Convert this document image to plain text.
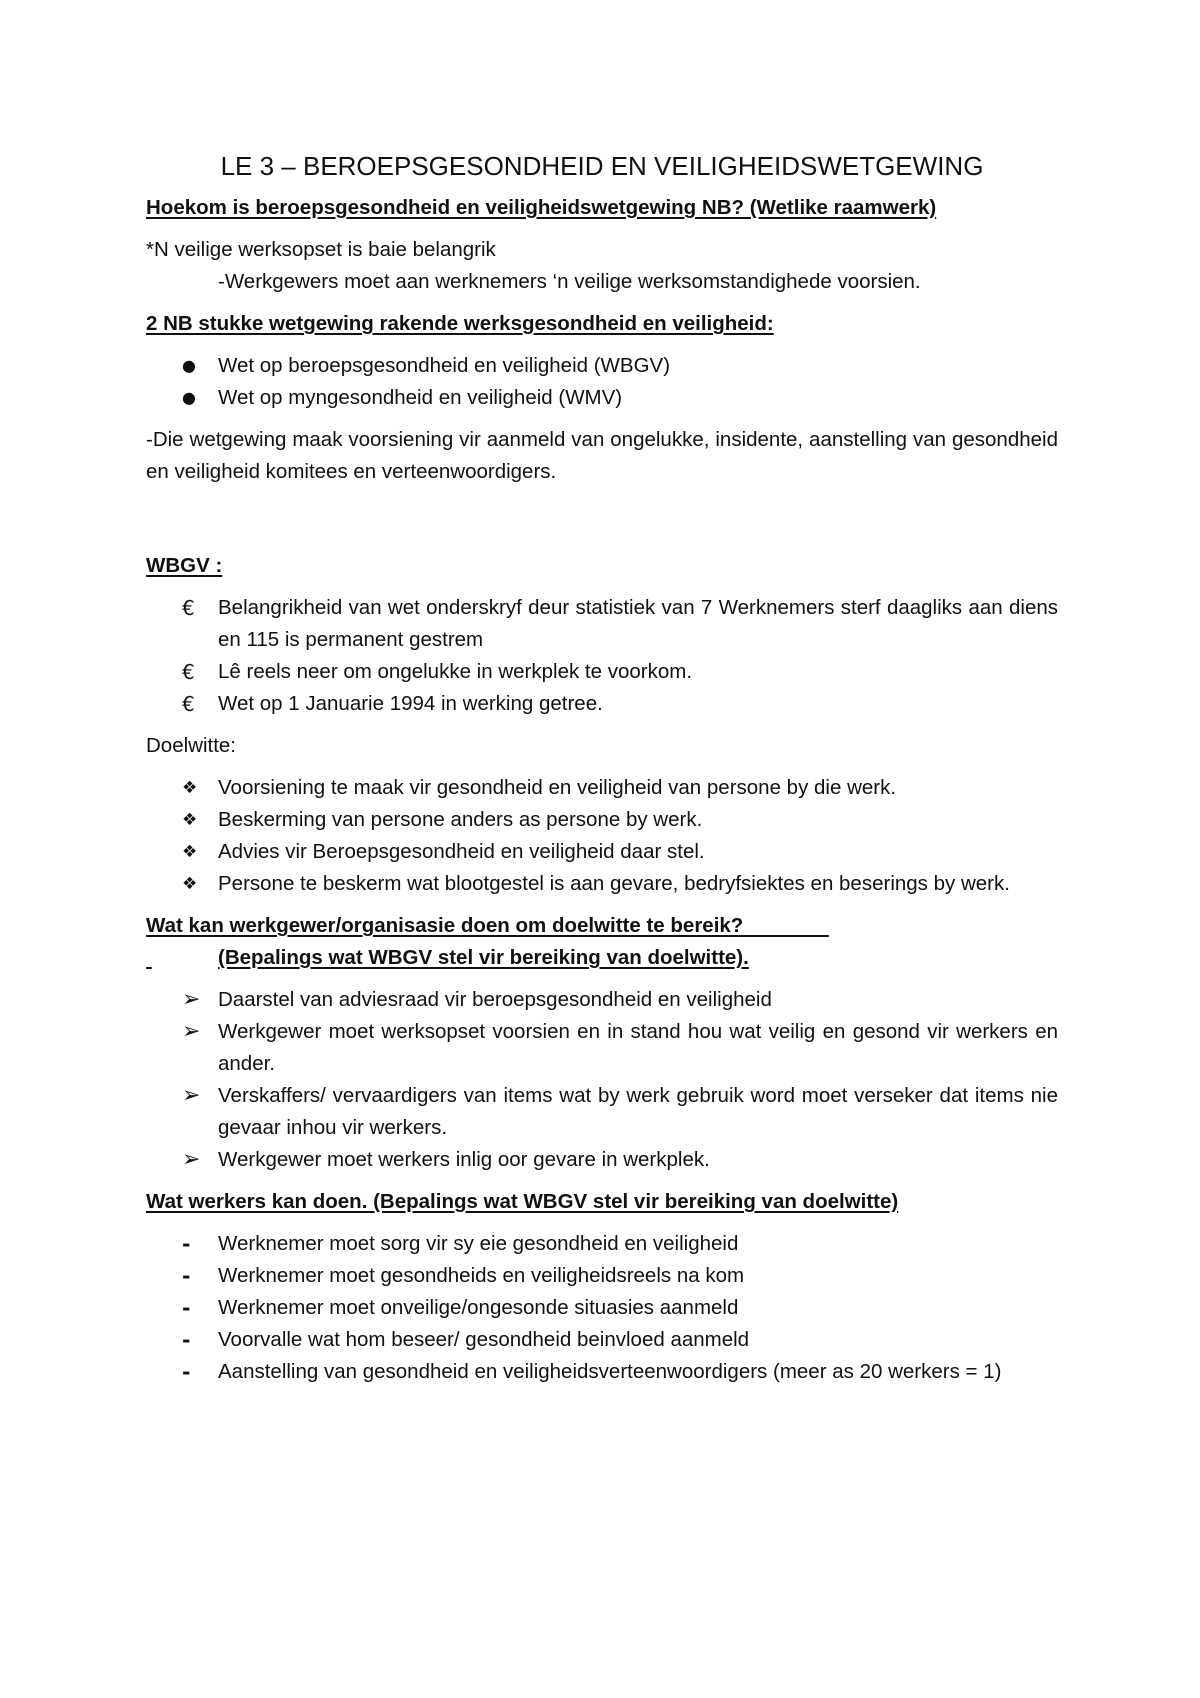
LE 3 – BEROEPSGESONDHEID EN VEILIGHEIDSWETGEWING
Hoekom is beroepsgesondheid en veiligheidswetgewing NB? (Wetlike raamwerk)
*N veilige werksopset is baie belangrik
-Werkgewers moet aan werknemers ‘n veilige werksomstandighede voorsien.
2 NB stukke wetgewing rakende werksgesondheid en veiligheid:
●	Wet op beroepsgesondheid en veiligheid (WBGV)
●	Wet op myngesondheid en veiligheid (WMV)
-Die wetgewing maak voorsiening vir aanmeld van ongelukke, insidente, aanstelling van gesondheid en veiligheid komitees en verteenwoordigers.
WBGV :
€	Belangrikheid van wet onderskryf deur statistiek van 7 Werknemers sterf daagliks aan diens en 115 is permanent gestrem
€	Lê reels neer om ongelukke in werkplek te voorkom.
€	Wet op 1 Januarie 1994 in werking getree.
Doelwitte:
❖	Voorsiening te maak vir gesondheid en veiligheid van persone by die werk.
❖	Beskerming van persone anders as persone by werk.
❖	Advies vir Beroepsgesondheid en veiligheid daar stel.
❖	Persone te beskerm wat blootgestel is aan gevare, bedryfsiektes en beserings by werk.
Wat kan werkgewer/organisasie doen om doelwitte te bereik?
(Bepalings wat WBGV stel vir bereiking van doelwitte).
➢ Daarstel van adviesraad vir beroepsgesondheid en veiligheid
➢ Werkgewer moet werksopset voorsien en in stand hou wat veilig en gesond vir werkers en ander.
➢ Verskaffers/ vervaardigers van items wat by werk gebruik word moet verseker dat items nie gevaar inhou vir werkers.
➢ Werkgewer moet werkers inlig oor gevare in werkplek.
Wat werkers kan doen. (Bepalings wat WBGV stel vir bereiking van doelwitte)
-	Werknemer moet sorg vir sy eie gesondheid en veiligheid
-	Werknemer moet gesondheids en veiligheidsreels na kom
-	Werknemer moet onveilige/ongesonde situasies aanmeld
-	Voorvalle wat hom beseer/ gesondheid beinvloed aanmeld
-	Aanstelling van gesondheid en veiligheidsverteenwoordigers (meer as 20 werkers = 1)
